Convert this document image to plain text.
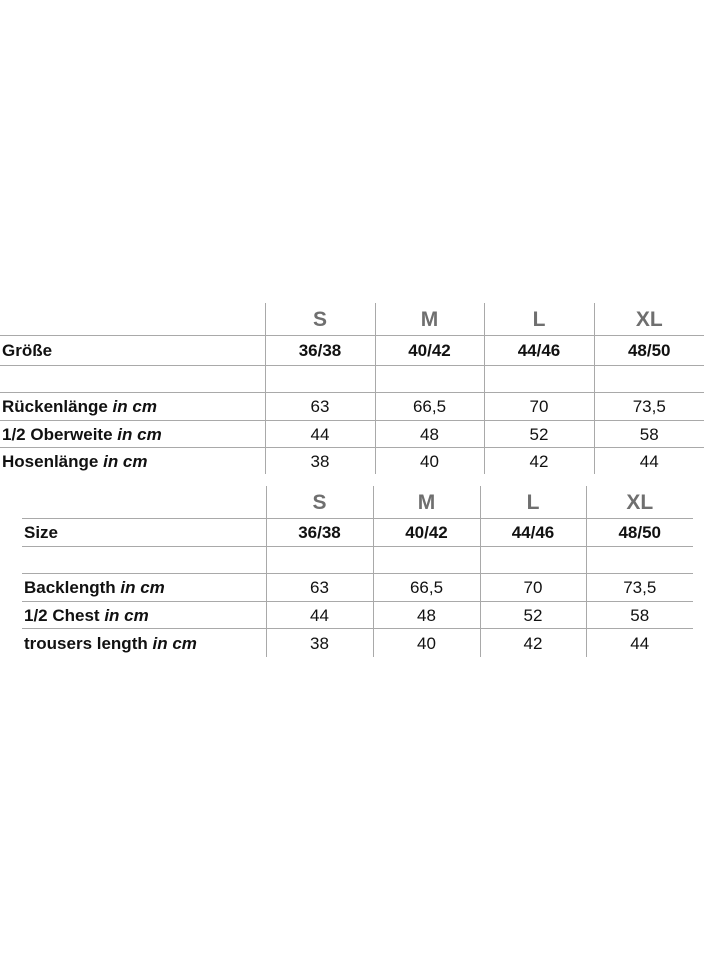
	S	M	L	XL
Größe	36/38	40/42	44/46	48/50

Rückenlänge in cm	63	66,5	70	73,5
1/2 Oberweite in cm	44	48	52	58
Hosenlänge in cm	38	40	42	44
	S	M	L	XL
Size	36/38	40/42	44/46	48/50

Backlength in cm	63	66,5	70	73,5
1/2 Chest in cm	44	48	52	58
trousers length in cm	38	40	42	44
